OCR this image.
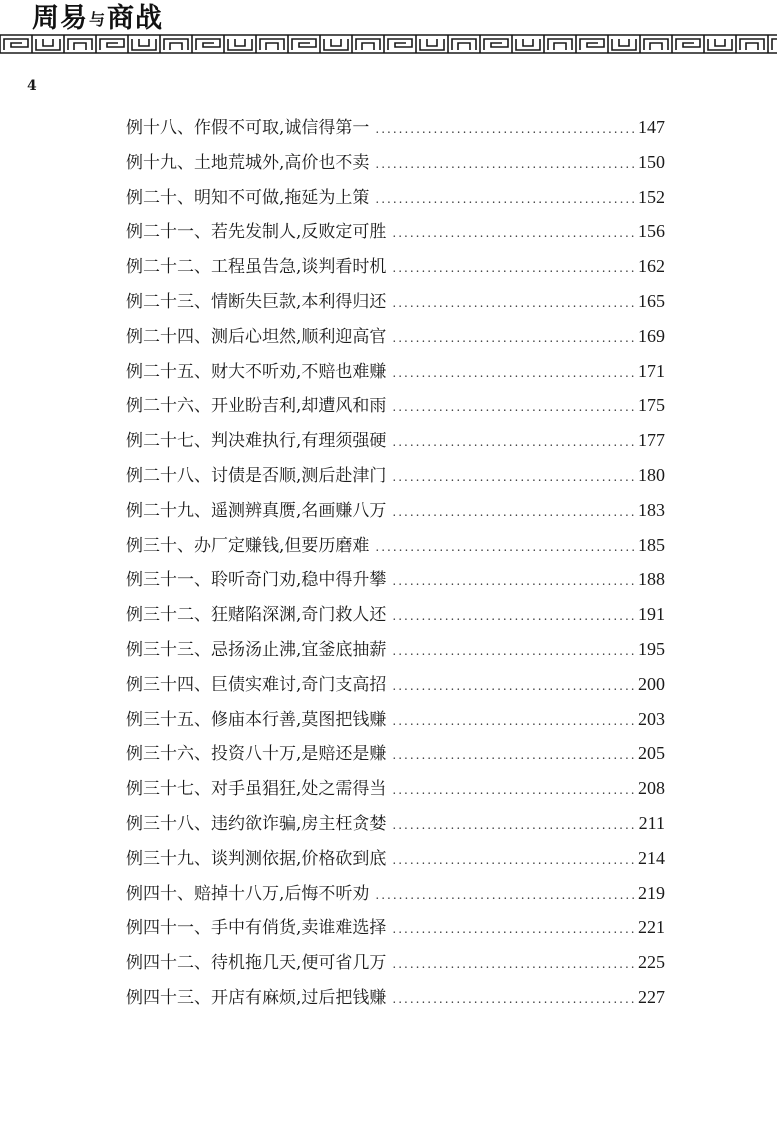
周易与商战
4
例十八、作假不可取,诚信得第一 .....	147
例十九、土地荒城外,高价也不卖 .....	150
例二十、明知不可做,拖延为上策 .....	152
例二十一、若先发制人,反败定可胜 .....	156
例二十二、工程虽告急,谈判看时机 .....	162
例二十三、情断失巨款,本利得归还 .....	165
例二十四、测后心坦然,顺利迎高官 .....	169
例二十五、财大不听劝,不赔也难赚 .....	171
例二十六、开业盼吉利,却遭风和雨 .....	175
例二十七、判决难执行,有理须强硬 .....	177
例二十八、讨债是否顺,测后赴津门 .....	180
例二十九、遥测辨真赝,名画赚八万 .....	183
例三十、办厂定赚钱,但要历磨难 .....	185
例三十一、聆听奇门劝,稳中得升攀 .....	188
例三十二、狂赌陷深渊,奇门救人还 .....	191
例三十三、忌扬汤止沸,宜釜底抽薪 .....	195
例三十四、巨债实难讨,奇门支高招 .....	200
例三十五、修庙本行善,莫图把钱赚 .....	203
例三十六、投资八十万,是赔还是赚 .....	205
例三十七、对手虽猖狂,处之需得当 .....	208
例三十八、违约欲诈骗,房主枉贪婪 .....	211
例三十九、谈判测依据,价格砍到底 .....	214
例四十、赔掉十八万,后悔不听劝 .....	219
例四十一、手中有俏货,卖谁难选择 .....	221
例四十二、待机拖几天,便可省几万 .....	225
例四十三、开店有麻烦,过后把钱赚 .....	227
